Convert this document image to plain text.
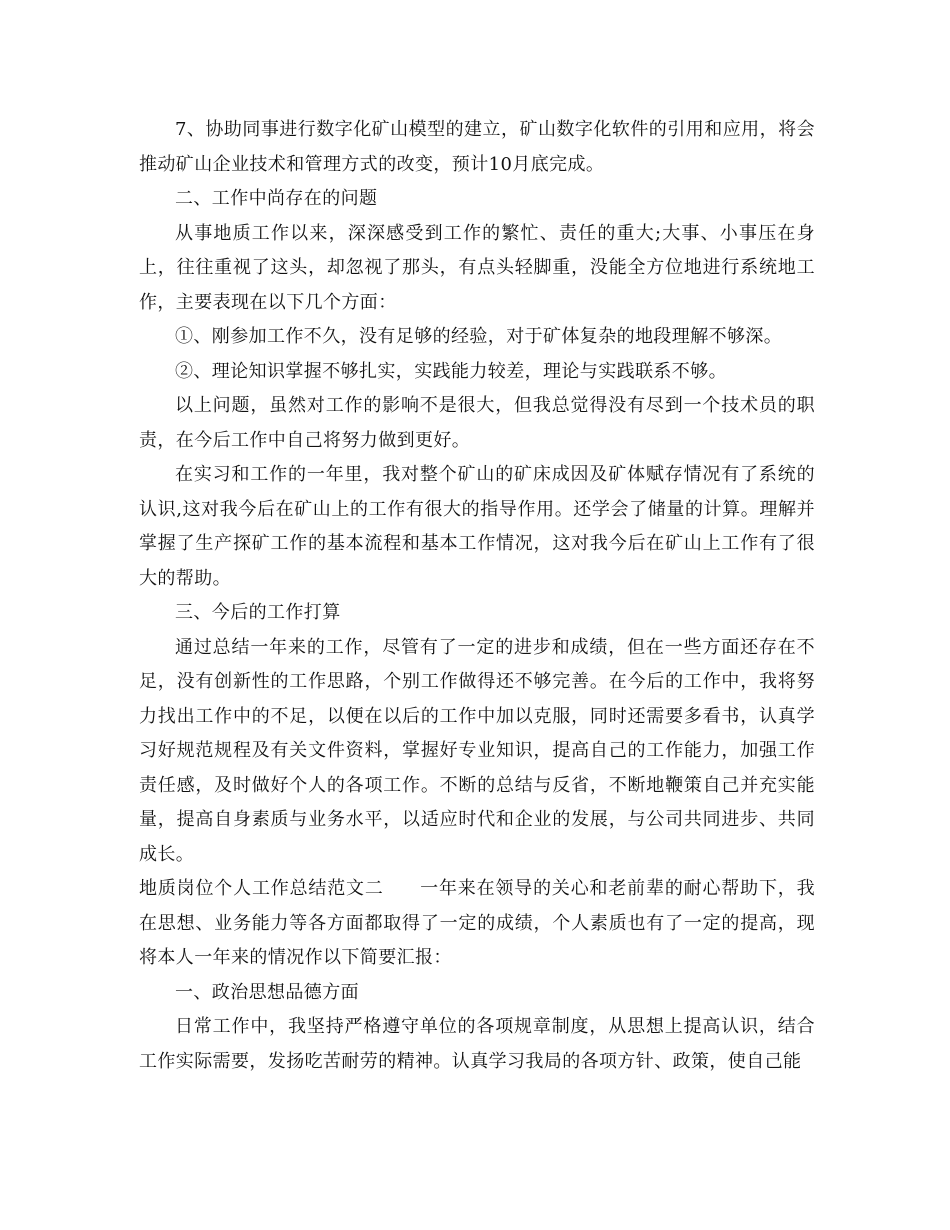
7、协助同事进行数字化矿山模型的建立，矿山数字化软件的引用和应用，将会推动矿山企业技术和管理方式的改变，预计10月底完成。

二、工作中尚存在的问题

从事地质工作以来，深深感受到工作的繁忙、责任的重大;大事、小事压在身上，往往重视了这头，却忽视了那头，有点头轻脚重，没能全方位地进行系统地工作，主要表现在以下几个方面：

①、刚参加工作不久，没有足够的经验，对于矿体复杂的地段理解不够深。

②、理论知识掌握不够扎实，实践能力较差，理论与实践联系不够。

以上问题，虽然对工作的影响不是很大，但我总觉得没有尽到一个技术员的职责，在今后工作中自己将努力做到更好。

在实习和工作的一年里，我对整个矿山的矿床成因及矿体赋存情况有了系统的认识,这对我今后在矿山上的工作有很大的指导作用。还学会了储量的计算。理解并掌握了生产探矿工作的基本流程和基本工作情况，这对我今后在矿山上工作有了很大的帮助。

三、今后的工作打算

通过总结一年来的工作，尽管有了一定的进步和成绩，但在一些方面还存在不足，没有创新性的工作思路，个别工作做得还不够完善。在今后的工作中，我将努力找出工作中的不足，以便在以后的工作中加以克服，同时还需要多看书，认真学习好规范规程及有关文件资料，掌握好专业知识，提高自己的工作能力，加强工作责任感，及时做好个人的各项工作。不断的总结与反省，不断地鞭策自己并充实能量，提高自身素质与业务水平，以适应时代和企业的发展，与公司共同进步、共同成长。

地质岗位个人工作总结范文二 一年来在领导的关心和老前辈的耐心帮助下，我在思想、业务能力等各方面都取得了一定的成绩，个人素质也有了一定的提高，现将本人一年来的情况作以下简要汇报：

一、政治思想品德方面

日常工作中，我坚持严格遵守单位的各项规章制度，从思想上提高认识，结合工作实际需要，发扬吃苦耐劳的精神。认真学习我局的各项方针、政策，使自己能
